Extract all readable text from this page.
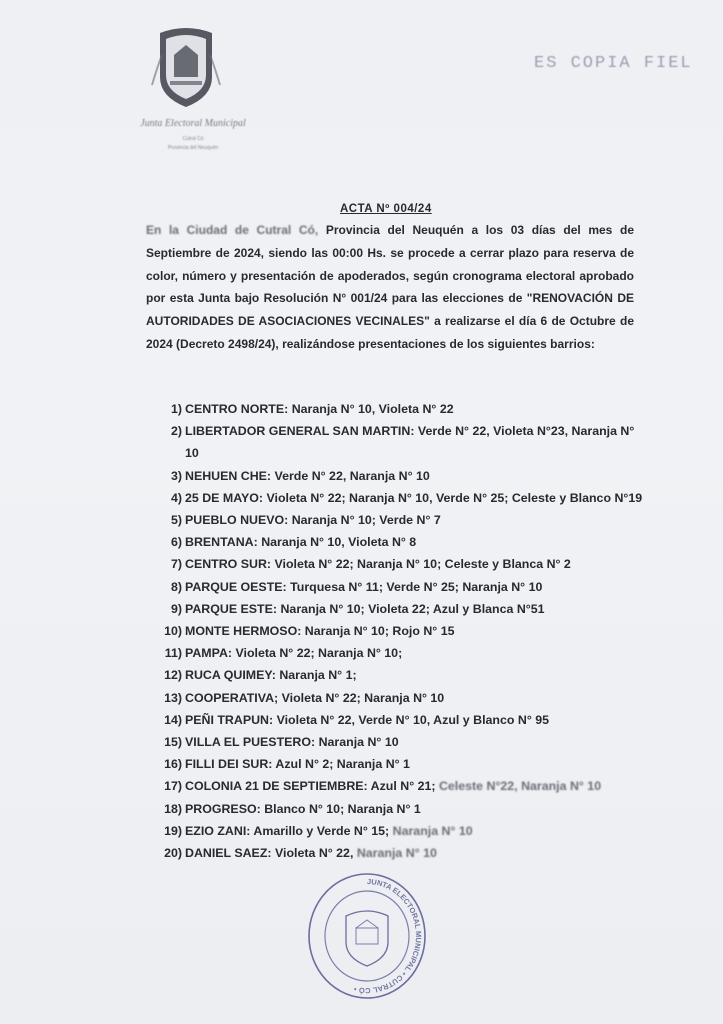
Junta Electoral Municipal
Cutral Có
Provincia del Neuquén
ES COPIA FIEL
ACTA Nº 004/24
En la Ciudad de Cutral Có, Provincia del Neuquén a los 03 días del mes de Septiembre de 2024, siendo las 00:00 Hs. se procede a cerrar plazo para reserva de color, número y presentación de apoderados, según cronograma electoral aprobado por esta Junta bajo Resolución N° 001/24 para las elecciones de "RENOVACIÓN DE AUTORIDADES DE ASOCIACIONES VECINALES" a realizarse el día 6 de Octubre de 2024 (Decreto 2498/24), realizándose presentaciones de los siguientes barrios:
1) CENTRO NORTE: Naranja N° 10, Violeta N° 22
2) LIBERTADOR GENERAL SAN MARTIN: Verde N° 22, Violeta N°23, Naranja N° 10
3) NEHUEN CHE: Verde N° 22, Naranja N° 10
4) 25 DE MAYO: Violeta N° 22; Naranja N° 10, Verde N° 25; Celeste y Blanco N°19
5) PUEBLO NUEVO: Naranja N° 10; Verde N° 7
6) BRENTANA: Naranja N° 10, Violeta N° 8
7) CENTRO SUR: Violeta N° 22; Naranja N° 10; Celeste y Blanca N° 2
8) PARQUE OESTE: Turquesa N° 11; Verde N° 25; Naranja N° 10
9) PARQUE ESTE: Naranja N° 10; Violeta 22; Azul y Blanca N°51
10) MONTE HERMOSO: Naranja N° 10; Rojo N° 15
11) PAMPA: Violeta N° 22; Naranja N° 10;
12) RUCA QUIMEY: Naranja N° 1;
13) COOPERATIVA; Violeta N° 22; Naranja N° 10
14) PEÑI TRAPUN: Violeta N° 22, Verde N° 10, Azul y Blanco N° 95
15) VILLA EL PUESTERO: Naranja N° 10
16) FILLI DEI SUR: Azul N° 2; Naranja N° 1
17) COLONIA 21 DE SEPTIEMBRE: Azul N° 21; Celeste N°22, Naranja N° 10
18) PROGRESO: Blanco N° 10; Naranja N° 1
19) EZIO ZANI: Amarillo y Verde N° 15; Naranja N° 10
20) DANIEL SAEZ: Violeta N° 22, Naranja N° 10
JUNTA ELECTORAL MUNICIPAL • CUTRAL CÓ •
